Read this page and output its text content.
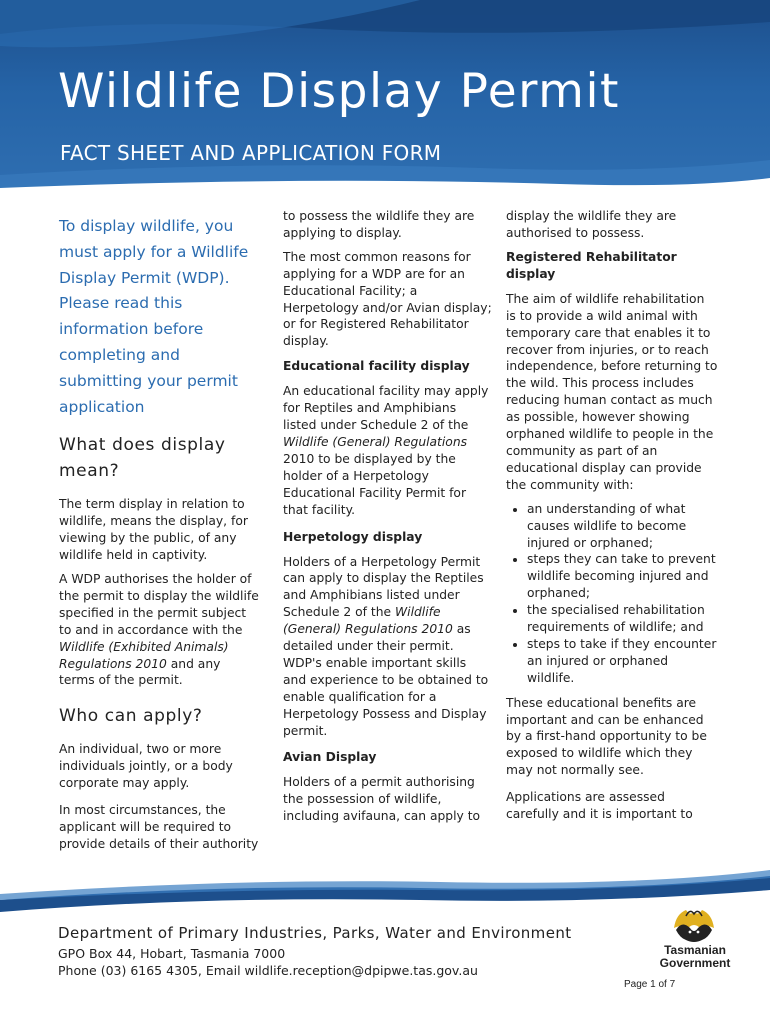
Wildlife Display Permit
FACT SHEET AND APPLICATION FORM
To display wildlife, you must apply for a Wildlife Display Permit (WDP). Please read this information before completing and submitting your permit application
What does display mean?

The term display in relation to wildlife, means the display, for viewing by the public, of any wildlife held in captivity.

A WDP authorises the holder of the permit to display the wildlife specified in the permit subject to and in accordance with the Wildlife (Exhibited Animals) Regulations 2010 and any terms of the permit.

Who can apply?

An individual, two or more individuals jointly, or a body corporate may apply.

In most circumstances, the applicant will be required to provide details of their authority

to possess the wildlife they are applying to display.

The most common reasons for applying for a WDP are for an Educational Facility; a Herpetology and/or Avian display; or for Registered Rehabilitator display.

Educational facility display

An educational facility may apply for Reptiles and Amphibians listed under Schedule 2 of the Wildlife (General) Regulations 2010 to be displayed by the holder of a Herpetology Educational Facility Permit for that facility.

Herpetology display

Holders of a Herpetology Permit can apply to display the Reptiles and Amphibians listed under Schedule 2 of the Wildlife (General) Regulations 2010 as detailed under their permit. WDP's enable important skills and experience to be obtained to enable qualification for a Herpetology Possess and Display permit.

Avian Display

Holders of a permit authorising the possession of wildlife, including avifauna, can apply to

display the wildlife they are authorised to possess.

Registered Rehabilitator display

The aim of wildlife rehabilitation is to provide a wild animal with temporary care that enables it to recover from injuries, or to reach independence, before returning to the wild. This process includes reducing human contact as much as possible, however showing orphaned wildlife to people in the community as part of an educational display can provide the community with:

• an understanding of what causes wildlife to become injured or orphaned;
• steps they can take to prevent wildlife becoming injured and orphaned;
• the specialised rehabilitation requirements of wildlife; and
• steps to take if they encounter an injured or orphaned wildlife.

These educational benefits are important and can be enhanced by a first-hand opportunity to be exposed to wildlife which they may not normally see.

Applications are assessed carefully and it is important to

Department of Primary Industries, Parks, Water and Environment
GPO Box 44, Hobart, Tasmania 7000
Phone (03) 6165 4305, Email wildlife.reception@dpipwe.tas.gov.au
Tasmanian
Government
Page 1 of 7
